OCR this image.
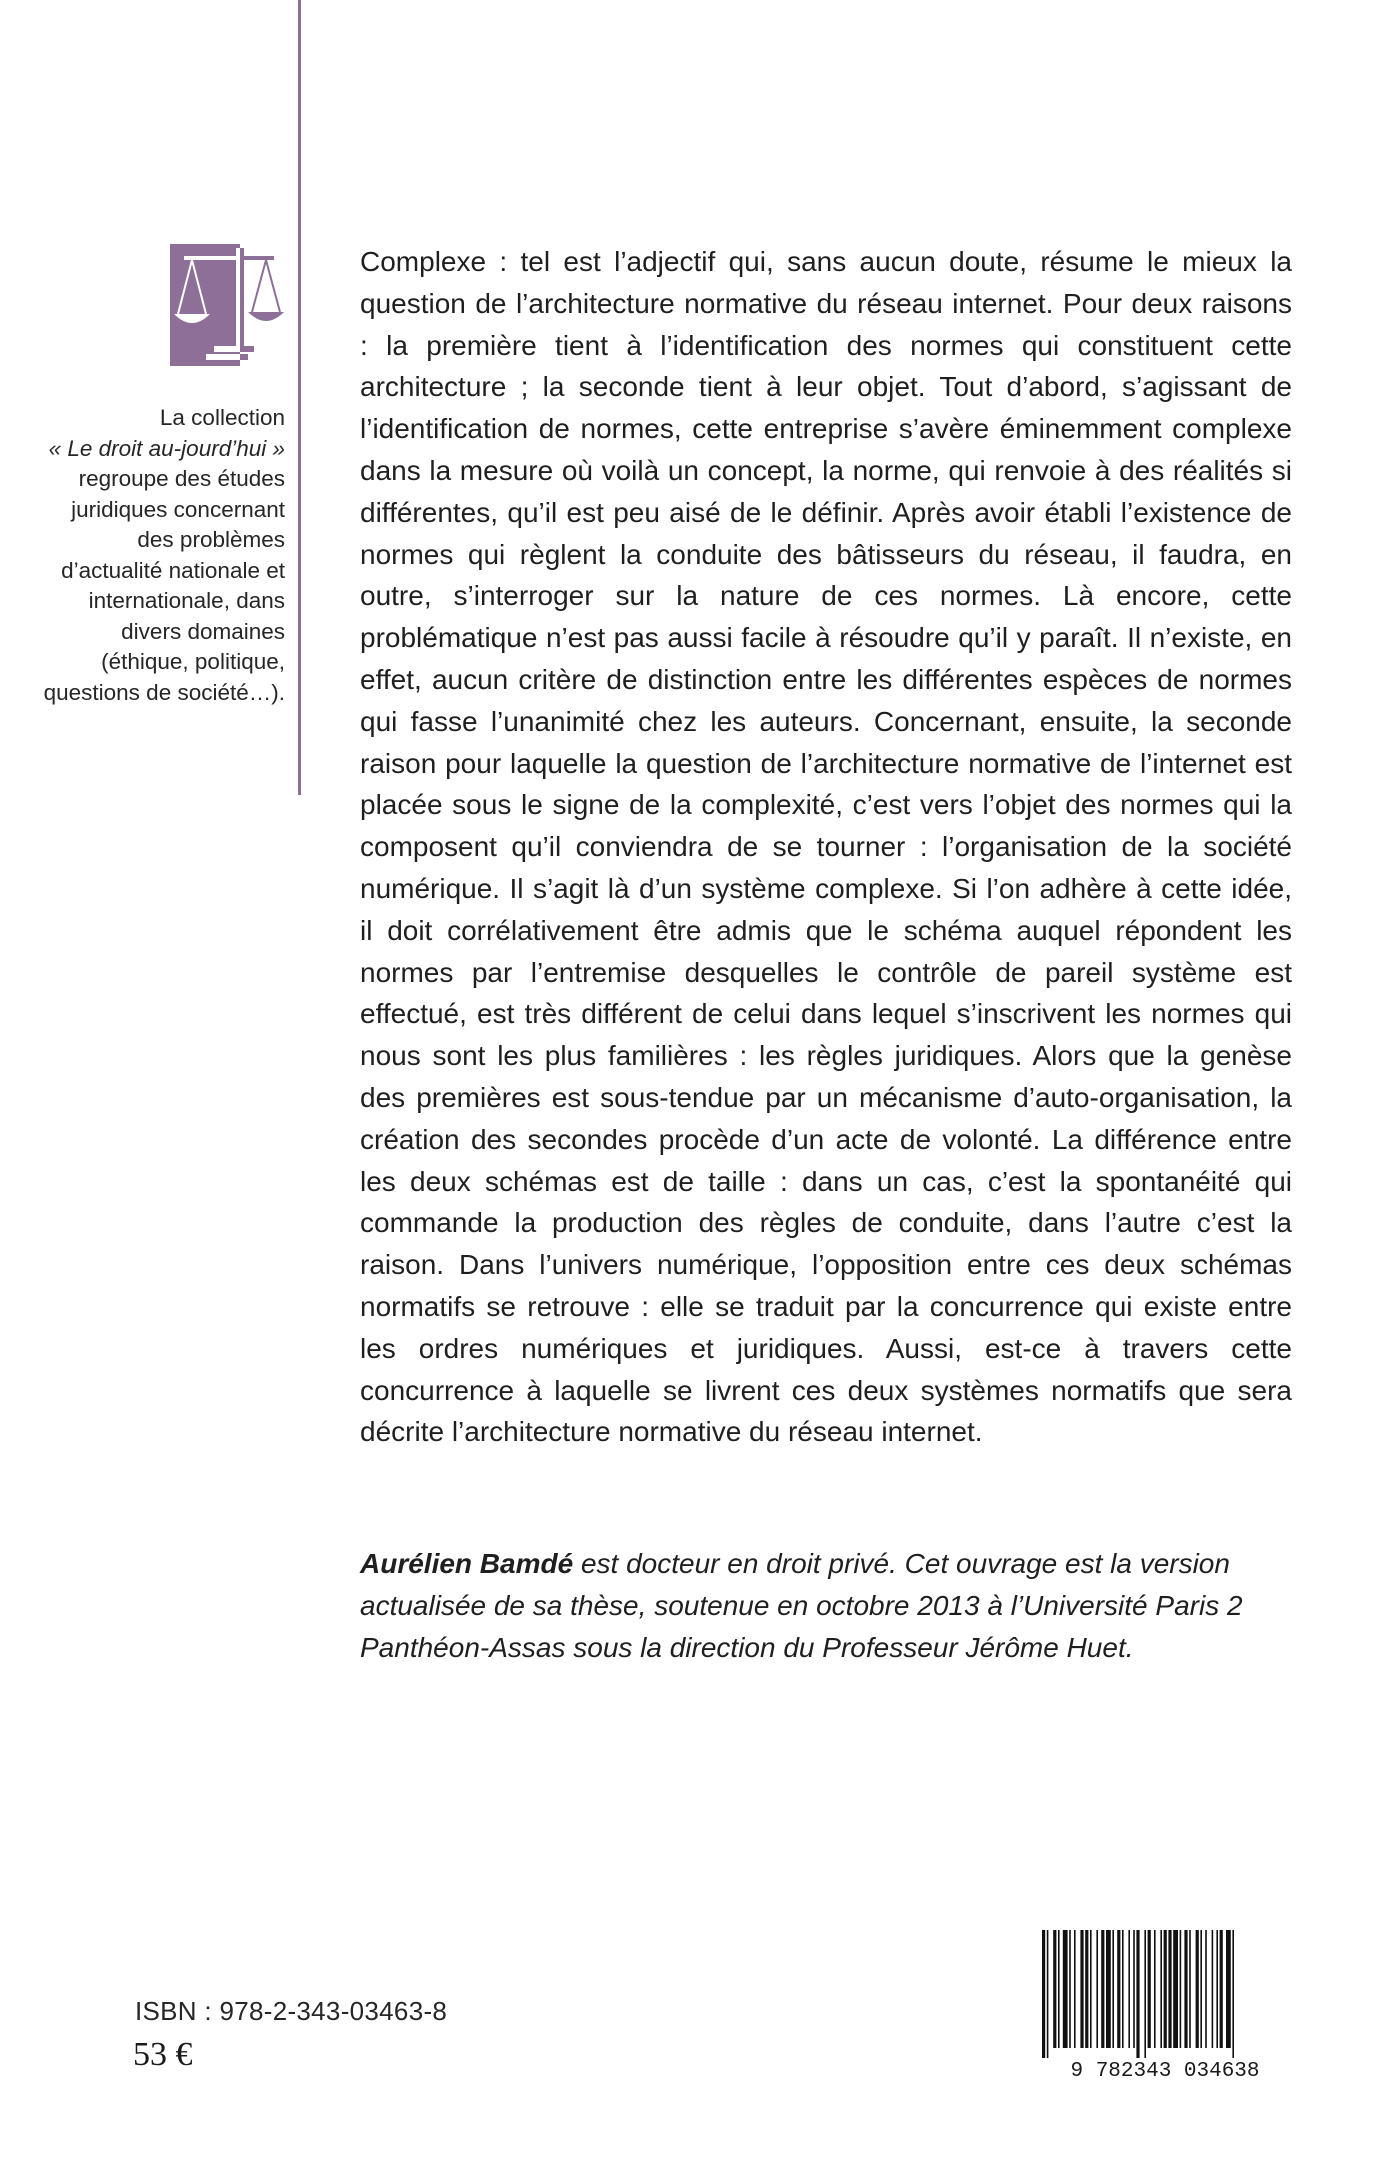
La collection
« Le droit au-jourd’hui » regroupe des études juridiques concernant des problèmes d’actualité nationale et internationale, dans divers domaines (éthique, politique, questions de société…).

Complexe : tel est l’adjectif qui, sans aucun doute, résume le mieux la question de l’architecture normative du réseau internet. Pour deux raisons : la première tient à l’identification des normes qui constituent cette architecture ; la seconde tient à leur objet. Tout d’abord, s’agissant de l’identification de normes, cette entreprise s’avère éminemment complexe dans la mesure où voilà un concept, la norme, qui renvoie à des réalités si différentes, qu’il est peu aisé de le définir. Après avoir établi l’existence de normes qui règlent la conduite des bâtisseurs du réseau, il faudra, en outre, s’interroger sur la nature de ces normes. Là encore, cette problématique n’est pas aussi facile à résoudre qu’il y paraît. Il n’existe, en effet, aucun critère de distinction entre les différentes espèces de normes qui fasse l’unanimité chez les auteurs. Concernant, ensuite, la seconde raison pour laquelle la question de l’architecture normative de l’internet est placée sous le signe de la complexité, c’est vers l’objet des normes qui la composent qu’il conviendra de se tourner : l’organisation de la société numérique. Il s’agit là d’un système complexe. Si l’on adhère à cette idée, il doit corrélativement être admis que le schéma auquel répondent les normes par l’entremise desquelles le contrôle de pareil système est effectué, est très différent de celui dans lequel s’inscrivent les normes qui nous sont les plus familières : les règles juridiques. Alors que la genèse des premières est sous-tendue par un mécanisme d’auto-organisation, la création des secondes procède d’un acte de volonté. La différence entre les deux schémas est de taille : dans un cas, c’est la spontanéité qui commande la production des règles de conduite, dans l’autre c’est la raison. Dans l’univers numérique, l’opposition entre ces deux schémas normatifs se retrouve : elle se traduit par la concurrence qui existe entre les ordres numériques et juridiques. Aussi, est-ce à travers cette concurrence à laquelle se livrent ces deux systèmes normatifs que sera décrite l’architecture normative du réseau internet.

Aurélien Bamdé est docteur en droit privé. Cet ouvrage est la version actualisée de sa thèse, soutenue en octobre 2013 à l’Université Paris 2 Panthéon-Assas sous la direction du Professeur Jérôme Huet.

ISBN : 978-2-343-03463-8
53 €	9 782343 034638
